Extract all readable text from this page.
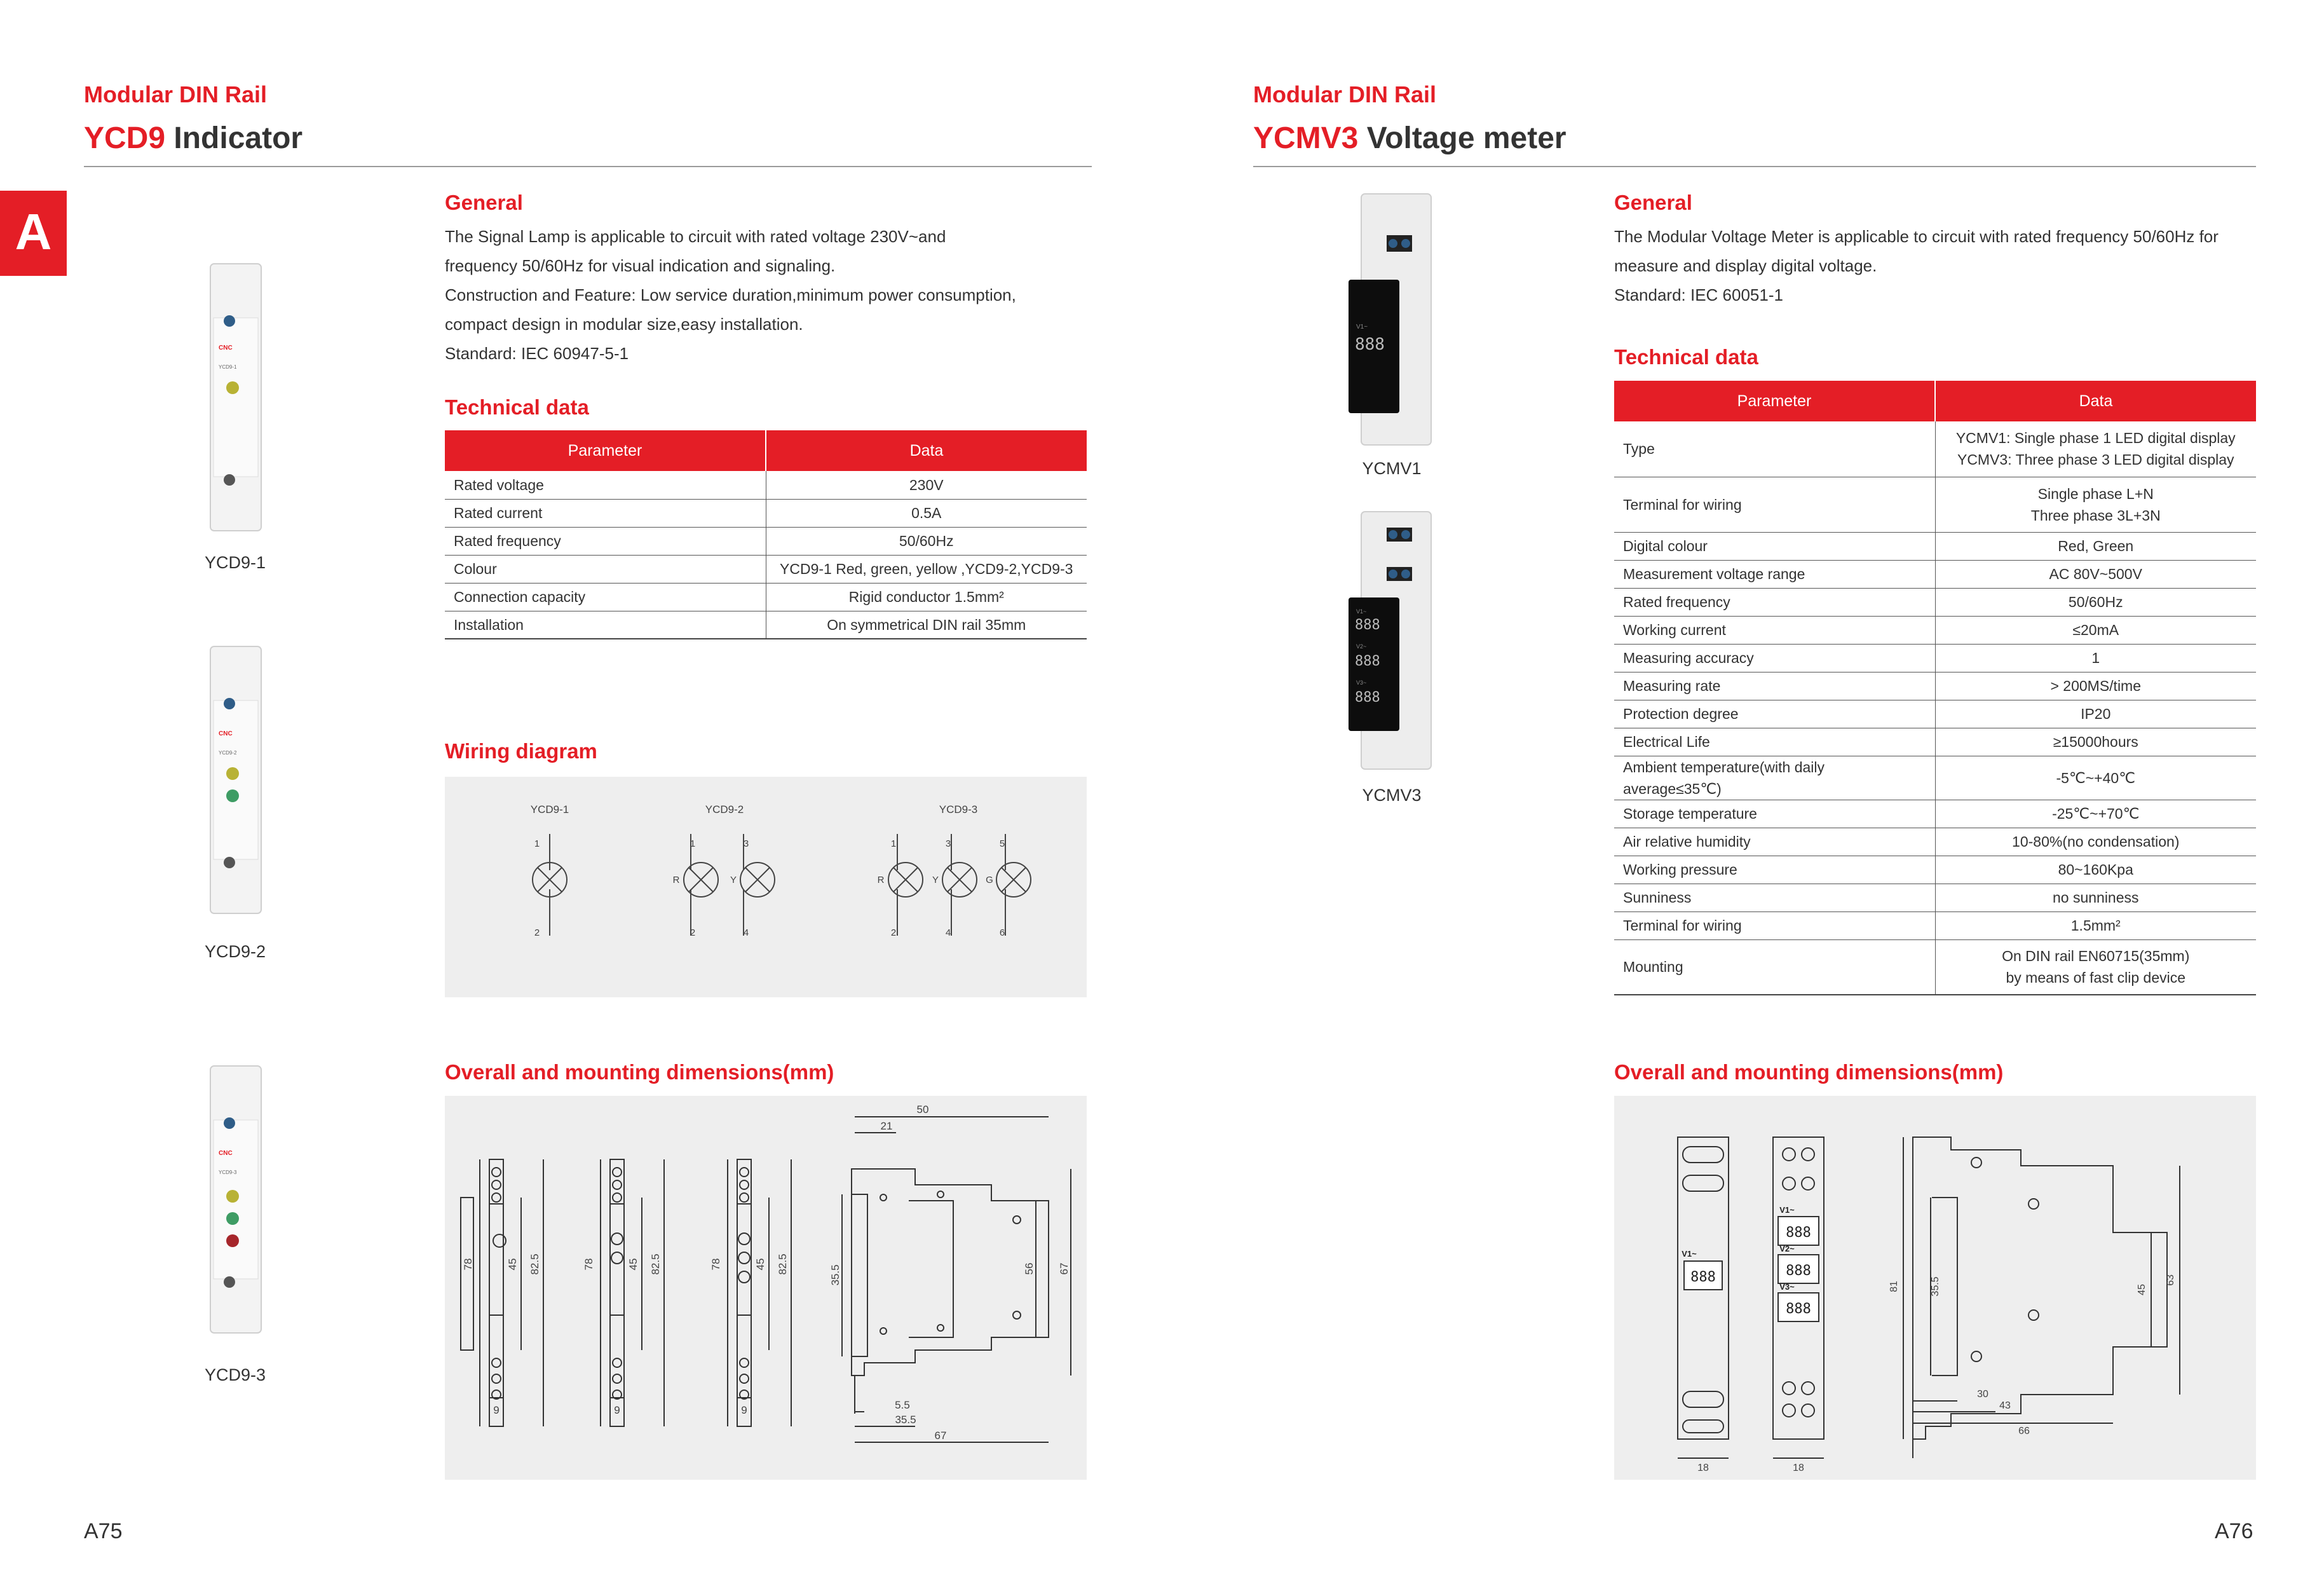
Modular DIN Rail
YCD9 Indicator
A
General
The Signal Lamp is applicable to circuit with rated voltage 230V~and
frequency 50/60Hz for visual indication and signaling.
Construction and Feature: Low service duration,minimum power consumption,
compact design in modular size,easy installation.
Standard: IEC 60947-5-1
Technical data
Parameter	Data
Rated voltage	230V
Rated current	0.5A
Rated frequency	50/60Hz
Colour	YCD9-1 Red, green, yellow ,YCD9-2,YCD9-3
Connection capacity	Rigid conductor 1.5mm²
Installation	On symmetrical DIN rail 35mm
Wiring diagram
YCD9-1	YCD9-2	YCD9-3
1
2
1	3
2	4
1	3	5
2	4	6
R	Y	R	Y	G
Overall and mounting dimensions(mm)
78	45 82.5
9
78	45 82.5
9
78	45 82.5
9
50
21
35.5	56 67
5.5
35.5
67
CNC
YCD9-1
YCD9-1
CNC
YCD9-2
YCD9-2
CNC
YCD9-3
YCD9-3
A75
Modular DIN Rail
YCMV3 Voltage meter
General
The Modular Voltage Meter is applicable to circuit with rated frequency 50/60Hz for
measure and display digital voltage.
Standard: IEC 60051-1
Technical data
Parameter	Data
Type	YCMV1: Single phase 1 LED digital display
YCMV3: Three phase 3 LED digital display

Terminal for wiring	Single phase L+N
Three phase 3L+3N

Digital colour	Red, Green
Measurement voltage range	AC 80V~500V
Rated frequency	50/60Hz
Working current	≤20mA
Measuring accuracy	1
Measuring rate	> 200MS/time
Protection degree	IP20
Electrical Life	≥15000hours
Ambient temperature(with daily average≤35℃)	-5℃~+40℃
Storage temperature	-25℃~+70℃
Air relative humidity	10-80%(no condensation)
Working pressure	80~160Kpa
Sunniness	no sunniness
Terminal for wiring	1.5mm²
Mounting	On DIN rail EN60715(35mm)
by means of fast clip device
V1~
888
YCMV1
V1~
888
V2~
888
V3~
888
YCMV3
Overall and mounting dimensions(mm)
888
888
888
888
V1~
V1~
V2~
V3~
18	18
81	35.5	45
63
30
43
66
A76
